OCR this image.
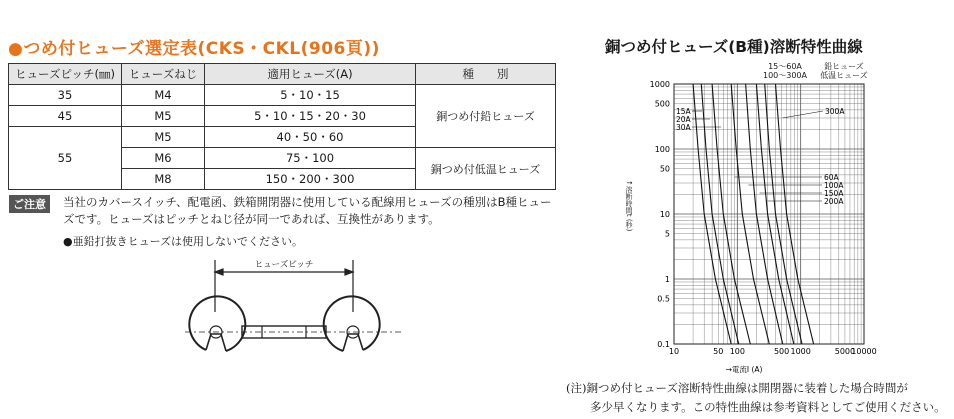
●つめ付ヒューズ選定表(CKS・CKL(906頁))
ヒューズピッチ(㎜)	ヒューズねじ	適用ヒューズ(A)	種　　別
35	M4	5・10・15	銅つめ付鉛ヒューズ
45	M5	5・10・15・20・30	
55	M5	40・50・60	
	M6	75・100	銅つめ付低温ヒューズ
	M8	150・200・300	
ご注意	当社のカバースイッチ、配電函、鉄箱開閉器に使用している配線用ヒューズの種別はB種ヒューズです。ヒューズはピッチとねじ径が同一であれば、互換性があります。
●亜鉛打抜きヒューズは使用しないでください。
ヒューズピッチ
銅つめ付ヒューズ(B種)溶断特性曲線
15～60A
100～300A
鉛ヒューズ
低温ヒューズ
0.1
0.5
1
5
10
50
100
500
1000
10	50 100	500 1000	5000
10000
15A
20A
30A
60A
100A
150A
200A
300A
→電流I (A)
↑溶断時間t (秒)
(注)銅つめ付ヒューズ溶断特性曲線は開閉器に装着した場合時間が
多少早くなります。この特性曲線は参考資料としてご使用ください。
